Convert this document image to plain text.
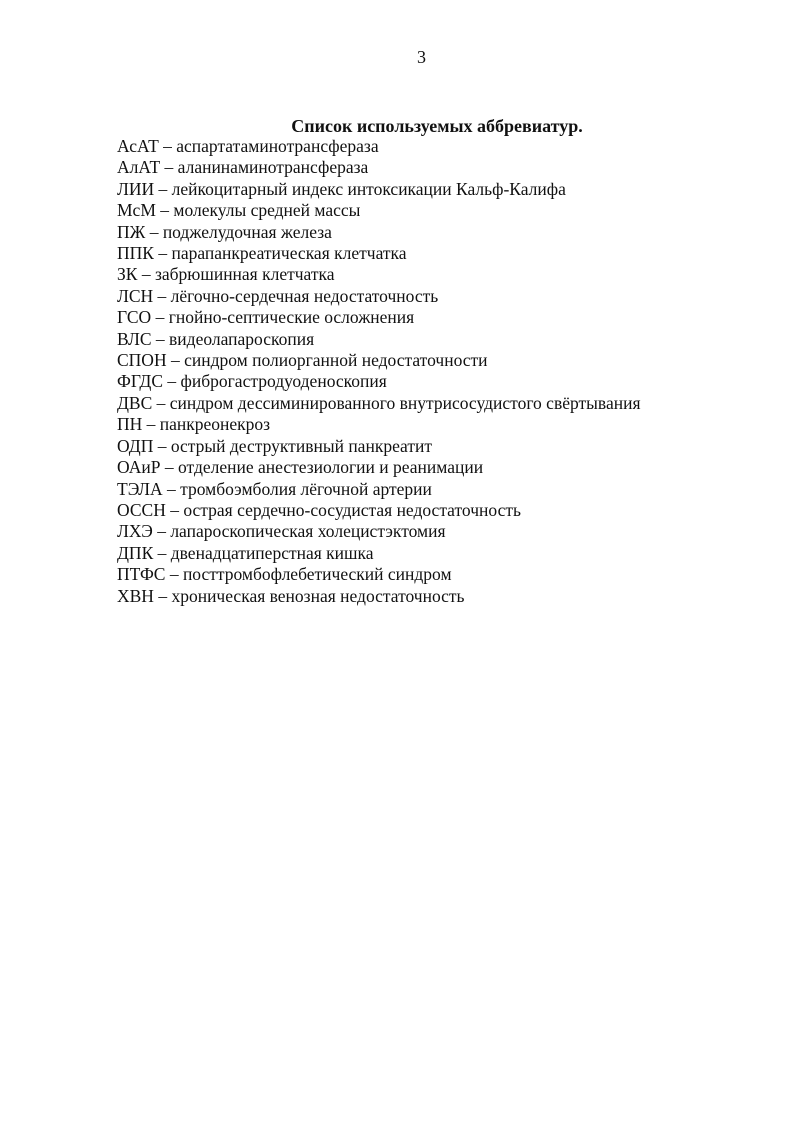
3
Список используемых аббревиатур.
АсАТ – аспартатаминотрансфераза
АлАТ – аланинаминотрансфераза
ЛИИ – лейкоцитарный индекс интоксикации Кальф-Калифа
МсМ – молекулы средней массы
ПЖ – поджелудочная железа
ППК – парапанкреатическая клетчатка
ЗК – забрюшинная клетчатка
ЛСН – лёгочно-сердечная недостаточность
ГСО – гнойно-септические осложнения
ВЛС – видеолапароскопия
СПОН – синдром полиорганной недостаточности
ФГДС – фиброгастродуоденоскопия
ДВС – синдром дессиминированного внутрисосудистого свёртывания
ПН – панкреонекроз
ОДП – острый деструктивный панкреатит
ОАиР – отделение анестезиологии и реанимации
ТЭЛА – тромбоэмболия лёгочной артерии
ОССН – острая сердечно-сосудистая недостаточность
ЛХЭ – лапароскопическая холецистэктомия
ДПК – двенадцатиперстная кишка
ПТФС – посттромбофлебетический синдром
ХВН – хроническая венозная недостаточность
